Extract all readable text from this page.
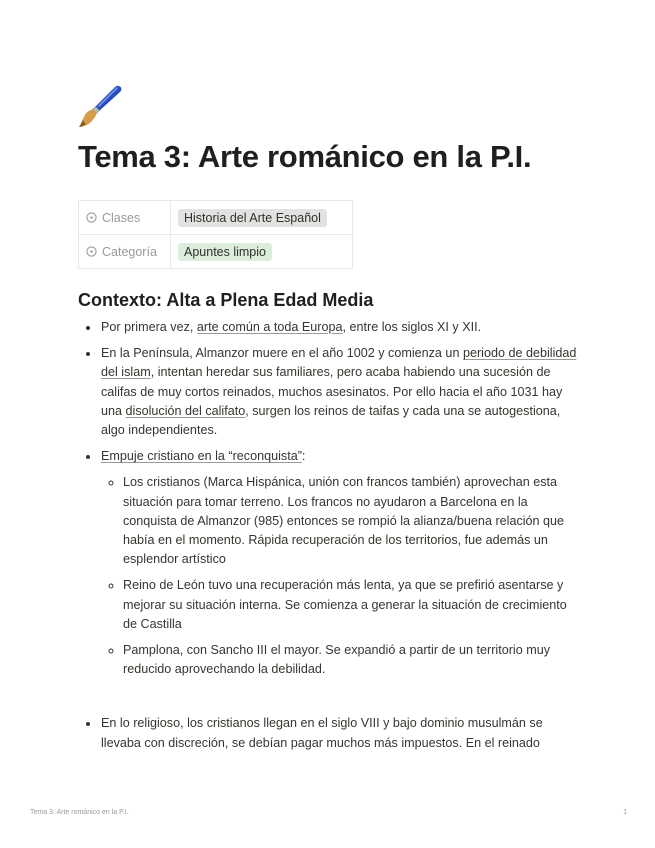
Tema 3: Arte románico en la P.I.
Clases	Historia del Arte Español
Categoría	Apuntes limpio
Contexto: Alta a Plena Edad Media
• Por primera vez, arte común a toda Europa, entre los siglos XI y XII.
• En la Península, Almanzor muere en el año 1002 y comienza un periodo de debilidad del islam, intentan heredar sus familiares, pero acaba habiendo una sucesión de califas de muy cortos reinados, muchos asesinatos. Por ello hacia el año 1031 hay una disolución del califato, surgen los reinos de taifas y cada una se autogestiona, algo independientes.
• Empuje cristiano en la “reconquista”:
◦ Los cristianos (Marca Hispánica, unión con francos también) aprovechan esta situación para tomar terreno. Los francos no ayudaron a Barcelona en la conquista de Almanzor (985) entonces se rompió la alianza/buena relación que había en el momento. Rápida recuperación de los territorios, fue además un esplendor artístico
◦ Reino de León tuvo una recuperación más lenta, ya que se prefirió asentarse y mejorar su situación interna. Se comienza a generar la situación de crecimiento de Castilla
◦ Pamplona, con Sancho III el mayor. Se expandió a partir de un territorio muy reducido aprovechando la debilidad.
• En lo religioso, los cristianos llegan en el siglo VIII y bajo dominio musulmán se llevaba con discreción, se debían pagar muchos más impuestos. En el reinado
Tema 3: Arte románico en la P.I.	1
